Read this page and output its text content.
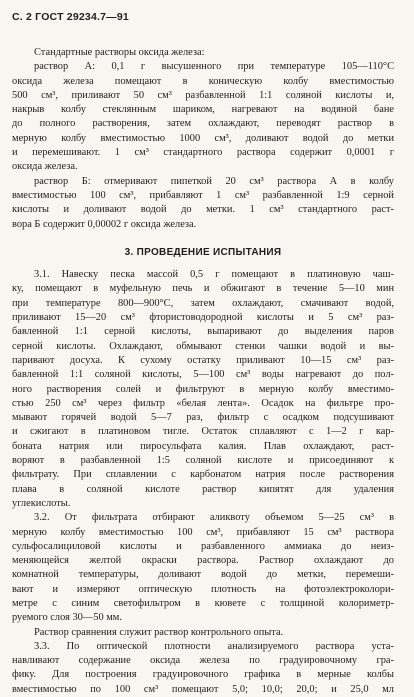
С. 2 ГОСТ 29234.7—91
Стандартные растворы оксида железа:
раствор А: 0,1 г высушенного при температуре 105—110°С
оксида железа помещают в коническую колбу вместимостью
500 см³, приливают 50 см³ разбавленной 1:1 соляной кислоты и,
накрыв колбу стеклянным шариком, нагревают на водяной бане
до полного растворения, затем охлаждают, переводят раствор в
мерную колбу вместимостью 1000 см³, доливают водой до метки
и перемешивают. 1 см³ стандартного раствора содержит 0,0001 г
оксида железа.
раствор Б: отмеривают пипеткой 20 см³ раствора А в колбу
вместимостью 100 см³, прибавляют 1 см³ разбавленной 1:9 серной
кислоты и доливают водой до метки. 1 см³ стандартного раст-
вора Б содержит 0,00002 г оксида железа.
3. ПРОВЕДЕНИЕ ИСПЫТАНИЯ
3.1. Навеску песка массой 0,5 г помещают в платиновую чаш-
ку, помещают в муфельную печь и обжигают в течение 5—10 мин
при температуре 800—900°С, затем охлаждают, смачивают водой,
приливают 15—20 см³ фтористоводородной кислоты и 5 см³ раз-
бавленной 1:1 серной кислоты, выпаривают до выделения паров
серной кислоты. Охлаждают, обмывают стенки чашки водой и вы-
паривают досуха. К сухому остатку приливают 10—15 см³ раз-
бавленной 1:1 соляной кислоты, 5—100 см³ воды нагревают до пол-
ного растворения солей и фильтруют в мерную колбу вместимо-
стью 250 см³ через фильтр «белая лента». Осадок на фильтре про-
мывают горячей водой 5—7 раз, фильтр с осадком подсушивают
и сжигают в платиновом тигле. Остаток сплавляют с 1—2 г кар-
боната натрия или пиросульфата калия. Плав охлаждают, раст-
воряют в разбавленной 1:5 соляной кислоте и присоединяют к
фильтрату. При сплавлении с карбонатом натрия после растворения
плава в соляной кислоте раствор кипятят для удаления
углекислоты.
3.2. От фильтрата отбирают аликвоту объемом 5—25 см³ в
мерную колбу вместимостью 100 см³, прибавляют 15 см³ раствора
сульфосалициловой кислоты и разбавленного аммиака до неиз-
меняющейся желтой окраски раствора. Раствор охлаждают до
комнатной температуры, доливают водой до метки, перемеши-
вают и измеряют оптическую плотность на фотоэлектроколори-
метре с синим светофильтром в кювете с толщиной колориметр-
руемого слоя 30—50 мм.
Раствор сравнения служит раствор контрольного опыта.
3.3. По оптической плотности анализируемого раствора уста-
навливают содержание оксида железа по градуировочному гра-
фику. Для построения градуировочного графика в мерные колбы
вместимостью по 100 см³ помещают 5,0; 10,0; 20,0; и 25,0 мл
